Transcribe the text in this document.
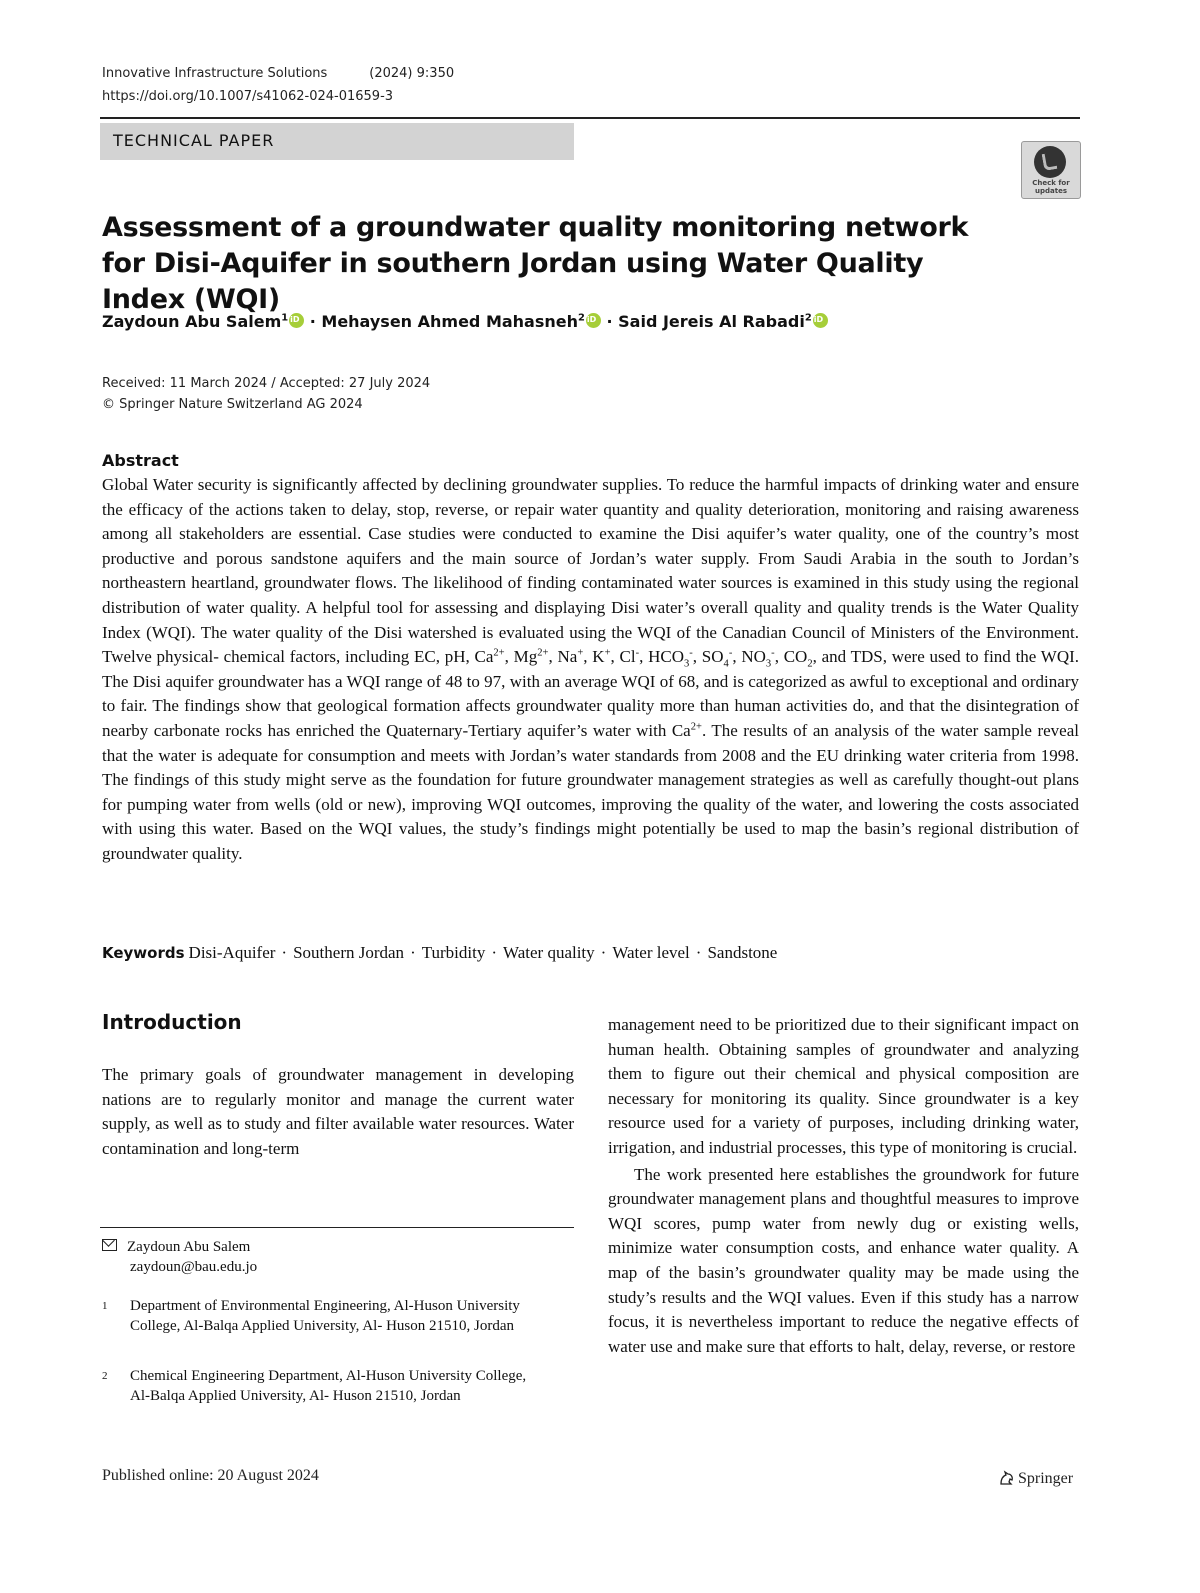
Innovative Infrastructure Solutions	(2024) 9:350
https://doi.org/10.1007/s41062-024-01659-3
TECHNICAL PAPER
Check for updates
Assessment of a groundwater quality monitoring network for Disi-Aquifer in southern Jordan using Water Quality Index (WQI)
Zaydoun Abu Salem$^1$iD · Mehaysen Ahmed Mahasneh$^2$iD · Said Jereis Al Rabadi$^2$iD
Received: 11 March 2024 / Accepted: 27 July 2024
© Springer Nature Switzerland AG 2024
Abstract
Global Water security is significantly affected by declining groundwater supplies. To reduce the harmful impacts of drinking water and ensure the efficacy of the actions taken to delay, stop, reverse, or repair water quantity and quality deterioration, monitoring and raising awareness among all stakeholders are essential. Case studies were conducted to examine the Disi aquifer’s water quality, one of the country’s most productive and porous sandstone aquifers and the main source of Jordan’s water supply. From Saudi Arabia in the south to Jordan’s northeastern heartland, groundwater flows. The likelihood of finding contaminated water sources is examined in this study using the regional distribution of water quality. A helpful tool for assessing and displaying Disi water’s overall quality and quality trends is the Water Quality Index (WQI). The water quality of the Disi watershed is evaluated using the WQI of the Canadian Council of Ministers of the Environment. Twelve physical- chemical factors, including EC, pH, $Ca^{2+}$, $Mg^{2+}$, Na+, K+, Cl-, $HCO_3^-$, $SO_4^-$, $NO_3^-$, $CO_2$, and TDS, were used to find the WQI. The Disi aquifer groundwater has a WQI range of 48 to 97, with an average WQI of 68, and is categorized as awful to exceptional and ordinary to fair. The findings show that geological formation affects groundwater quality more than human activities do, and that the disintegration of nearby carbonate rocks has enriched the Quaternary-Tertiary aquifer’s water with $Ca^{2+}$. The results of an analysis of the water sample reveal that the water is adequate for consumption and meets with Jordan’s water standards from 2008 and the EU drinking water criteria from 1998. The findings of this study might serve as the foundation for future groundwater management strategies as well as carefully thought-out plans for pumping water from wells (old or new), improving WQI outcomes, improving the quality of the water, and lowering the costs associated with using this water. Based on the WQI values, the study’s findings might potentially be used to map the basin’s regional distribution of groundwater quality.
Keywords Disi-Aquifer · Southern Jordan · Turbidity · Water quality · Water level · Sandstone
Introduction
The primary goals of groundwater management in developing nations are to regularly monitor and manage the current water supply, as well as to study and filter available water resources. Water contamination and long-term
Zaydoun Abu Salem
zaydoun@bau.edu.jo
1 Department of Environmental Engineering, Al-Huson University College, Al-Balqa Applied University, Al- Huson 21510, Jordan
2 Chemical Engineering Department, Al-Huson University College, Al-Balqa Applied University, Al- Huson 21510, Jordan

management need to be prioritized due to their significant impact on human health. Obtaining samples of groundwater and analyzing them to figure out their chemical and physical composition are necessary for monitoring its quality. Since groundwater is a key resource used for a variety of purposes, including drinking water, irrigation, and industrial processes, this type of monitoring is crucial.

The work presented here establishes the groundwork for future groundwater management plans and thoughtful measures to improve WQI scores, pump water from newly dug or existing wells, minimize water consumption costs, and enhance water quality. A map of the basin’s groundwater quality may be made using the study’s results and the WQI values. Even if this study has a narrow focus, it is nevertheless important to reduce the negative effects of water use and make sure that efforts to halt, delay, reverse, or restore

Published online: 20 August 2024	Springer
